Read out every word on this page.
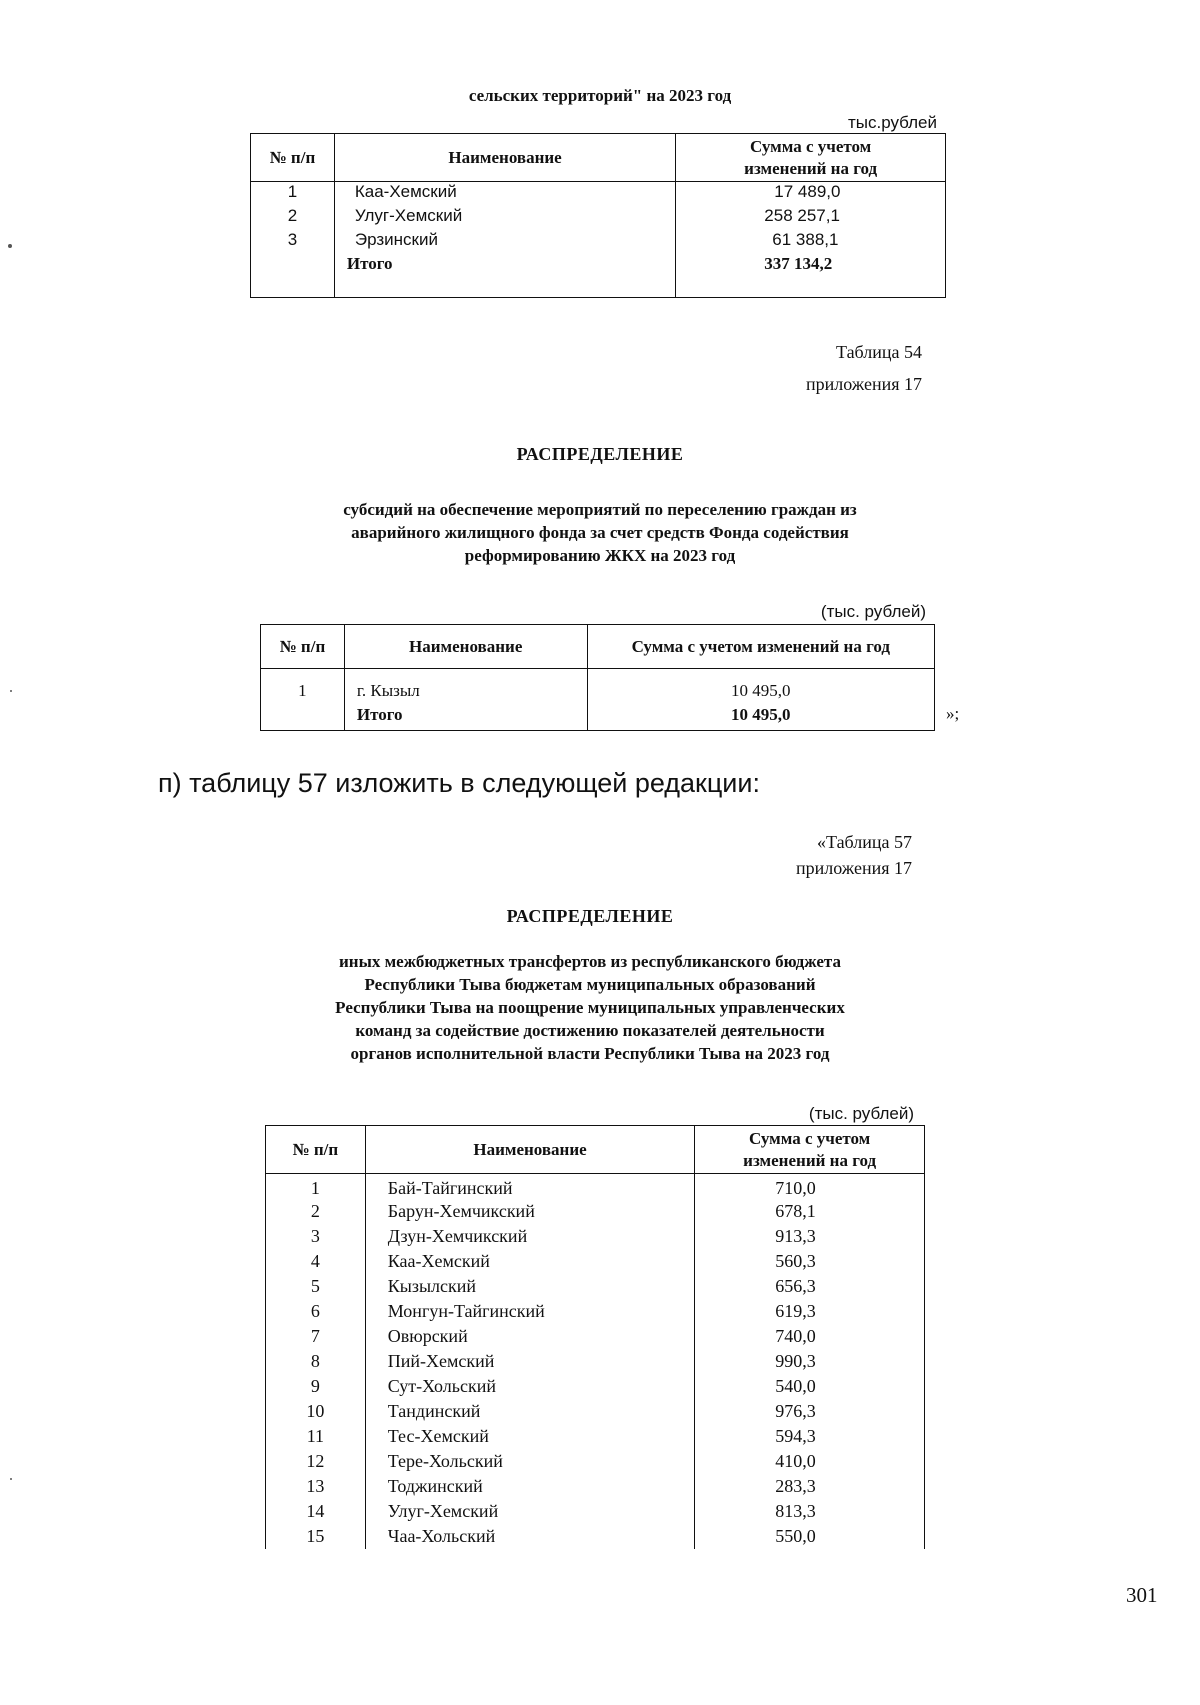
сельских территорий" на 2023 год
тыс.рублей
№ п/п	Наименование	Сумма с учетом
изменений на год

1	Каа-Хемский	17 489,0
2	Улуг-Хемский	258 257,1
3	Эрзинский	61 388,1
	Итого	337 134,2
Таблица 54
приложения 17
РАСПРЕДЕЛЕНИЕ
субсидий на обеспечение мероприятий по переселению граждан из
аварийного жилищного фонда за счет средств Фонда содействия
реформированию ЖКХ на 2023 год
(тыс. рублей)
№ п/п	Наименование	Сумма с учетом изменений на год
1	г. Кызыл	10 495,0
	Итого	10 495,0	»;
п) таблицу 57 изложить в следующей редакции:
«Таблица 57
приложения 17
РАСПРЕДЕЛЕНИЕ
иных межбюджетных трансфертов из республиканского бюджета
Республики Тыва бюджетам муниципальных образований
Республики Тыва на поощрение муниципальных управленческих
команд за содействие достижению показателей деятельности
органов исполнительной власти Республики Тыва на 2023 год
(тыс. рублей)
№ п/п	Наименование	Сумма с учетом
изменений на год

1	Бай-Тайгинский	710,0
2	Барун-Хемчикский	678,1
3	Дзун-Хемчикский	913,3
4	Каа-Хемский	560,3
5	Кызылский	656,3
6	Монгун-Тайгинский	619,3
7	Овюрский	740,0
8	Пий-Хемский	990,3
9	Сут-Хольский	540,0
10	Тандинский	976,3
11	Тес-Хемский	594,3
12	Тере-Хольский	410,0
13	Тоджинский	283,3
14	Улуг-Хемский	813,3
15	Чаа-Хольский	550,0
301
